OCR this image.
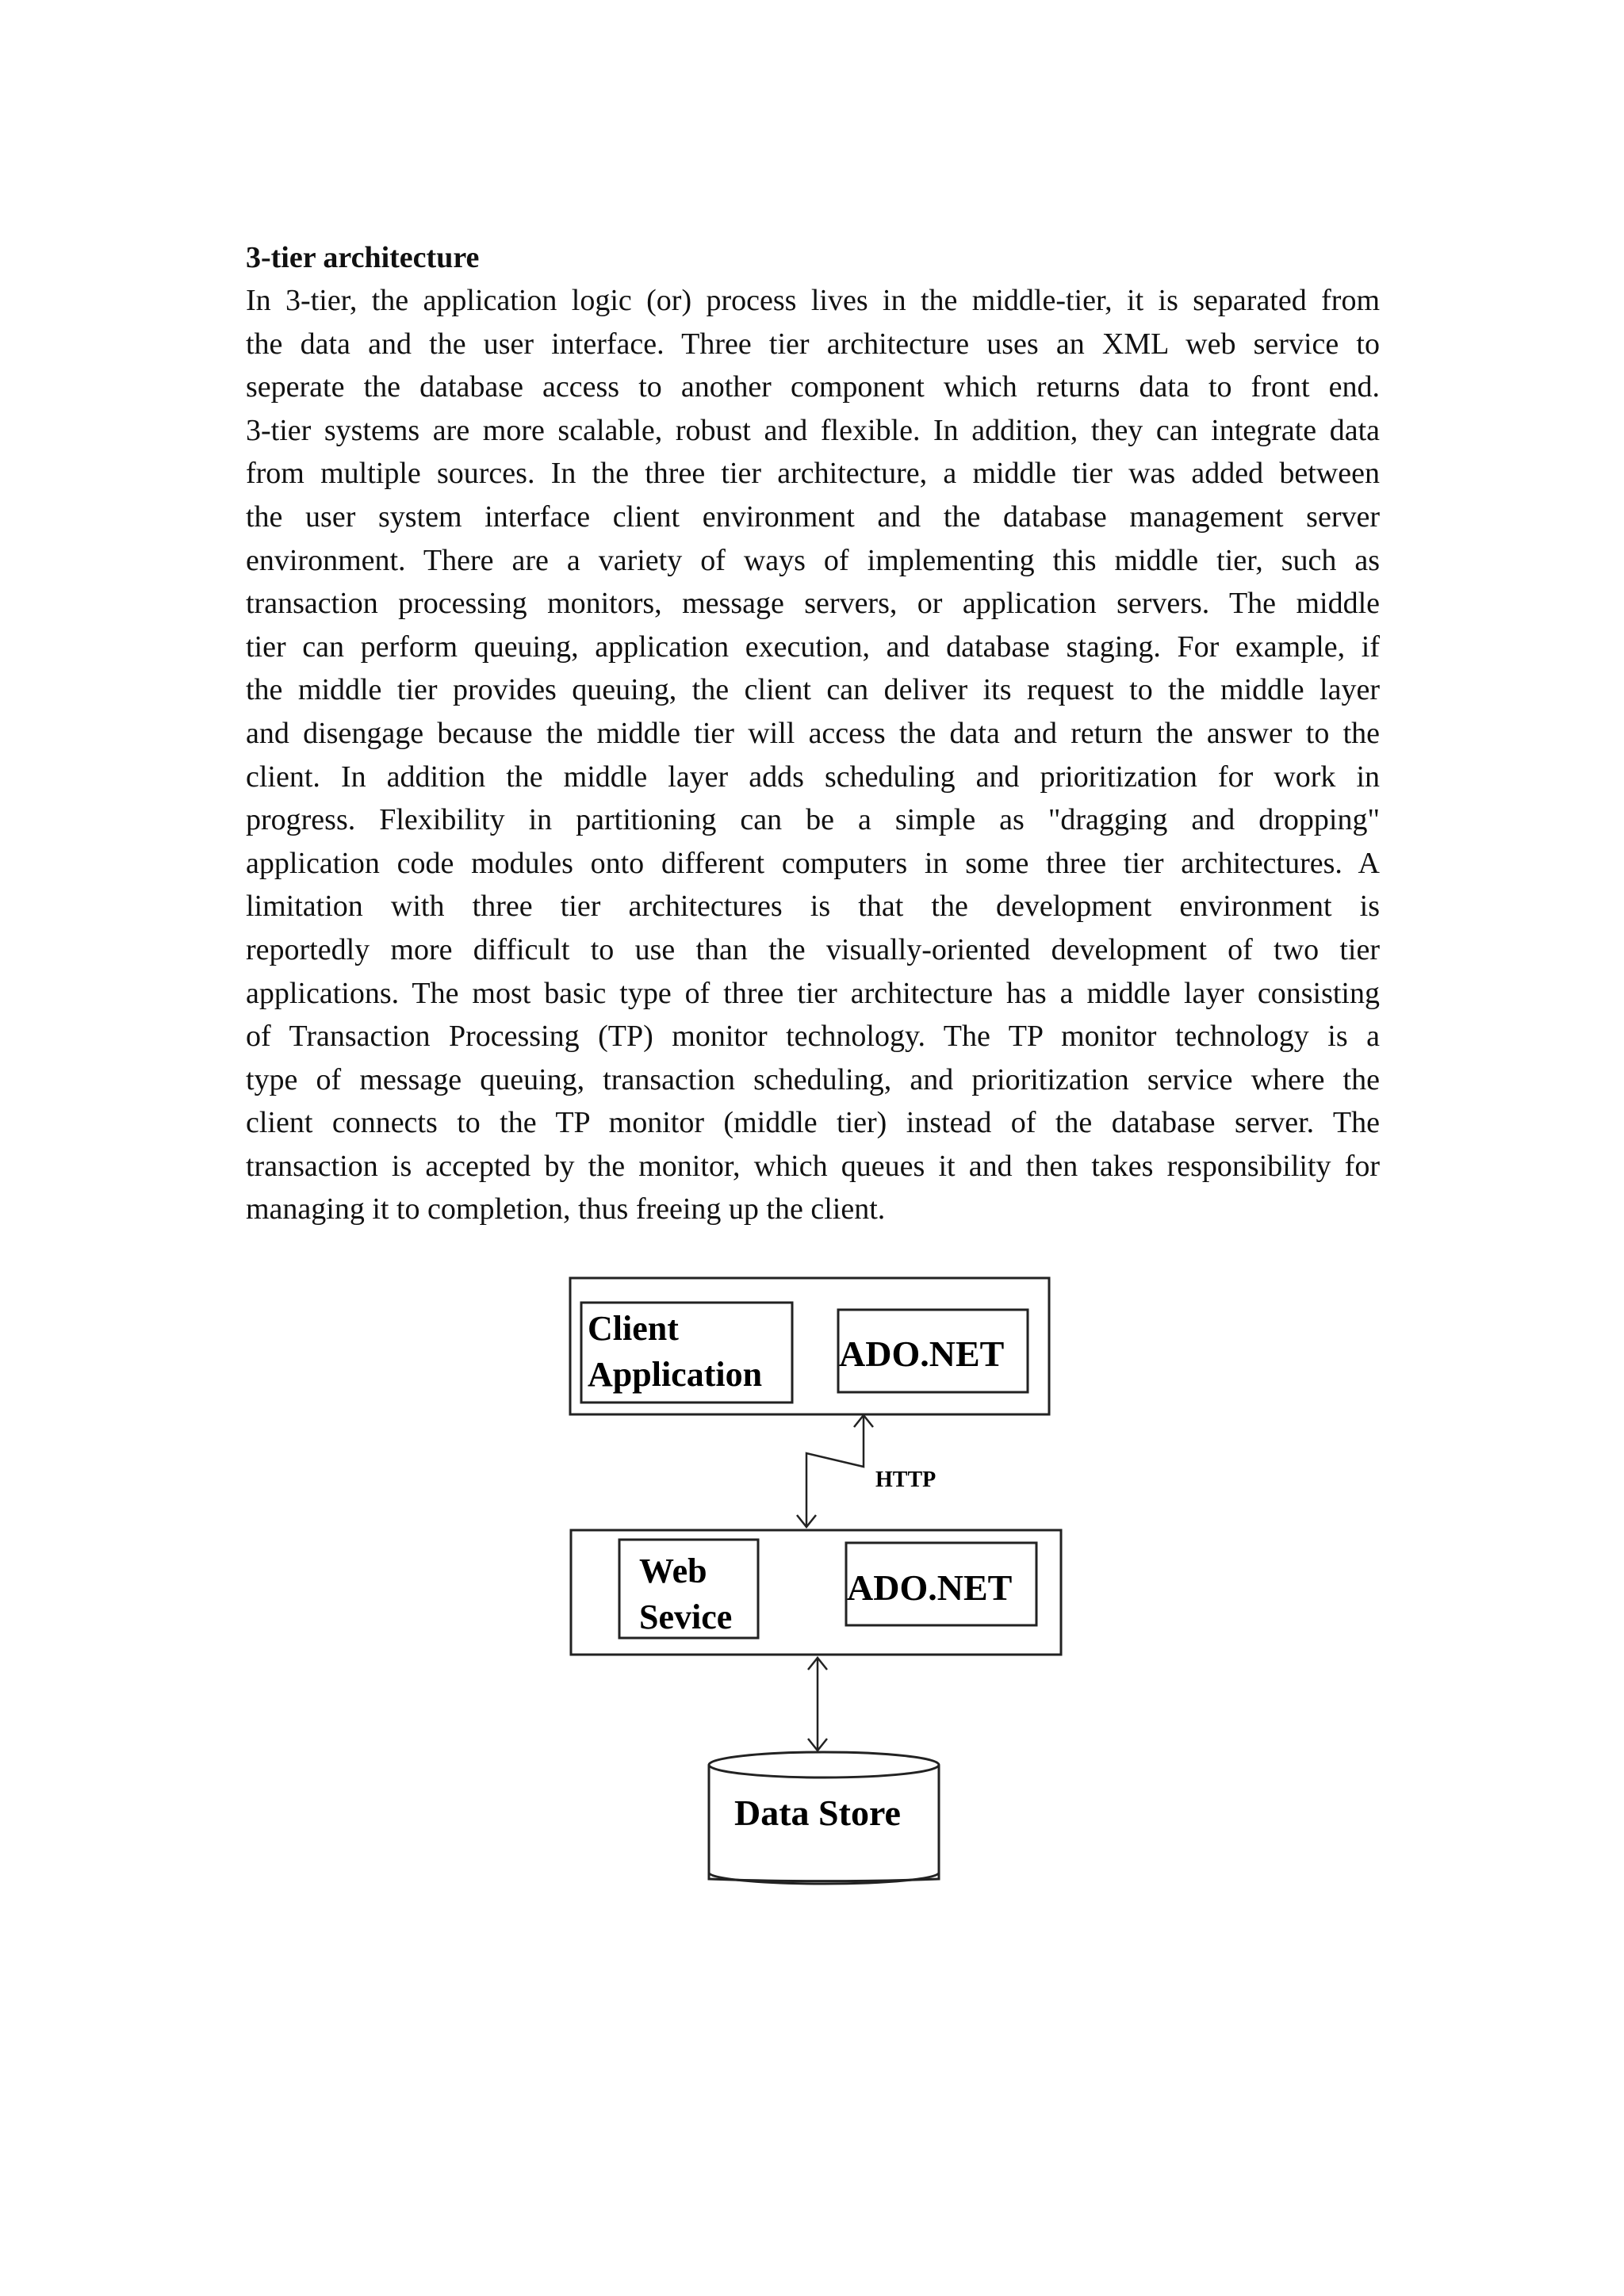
3-tier architecture
In 3-tier, the application logic (or) process lives in the middle-tier, it is separated from
the data and the user interface. Three tier architecture uses an XML web service to
seperate the database access to another component which returns data to front end.
3-tier systems are more scalable, robust and flexible. In addition, they can integrate data
from multiple sources. In the three tier architecture, a middle tier was added between
the user system interface client environment and the database management server
environment. There are a variety of ways of implementing this middle tier, such as
transaction processing monitors, message servers, or application servers. The middle
tier can perform queuing, application execution, and database staging. For example, if
the middle tier provides queuing, the client can deliver its request to the middle layer
and disengage because the middle tier will access the data and return the answer to the
client. In addition the middle layer adds scheduling and prioritization for work in
progress. Flexibility in partitioning can be a simple as "dragging and dropping"
application code modules onto different computers in some three tier architectures. A
limitation with three tier architectures is that the development environment is
reportedly more difficult to use than the visually-oriented development of two tier
applications. The most basic type of three tier architecture has a middle layer consisting
of Transaction Processing (TP) monitor technology. The TP monitor technology is a
type of message queuing, transaction scheduling, and prioritization service where the
client connects to the TP monitor (middle tier) instead of the database server. The
transaction is accepted by the monitor, which queues it and then takes responsibility for
managing it to completion, thus freeing up the client.
Client
Application
ADO.NET
HTTP
Web
Sevice
ADO.NET
Data Store
